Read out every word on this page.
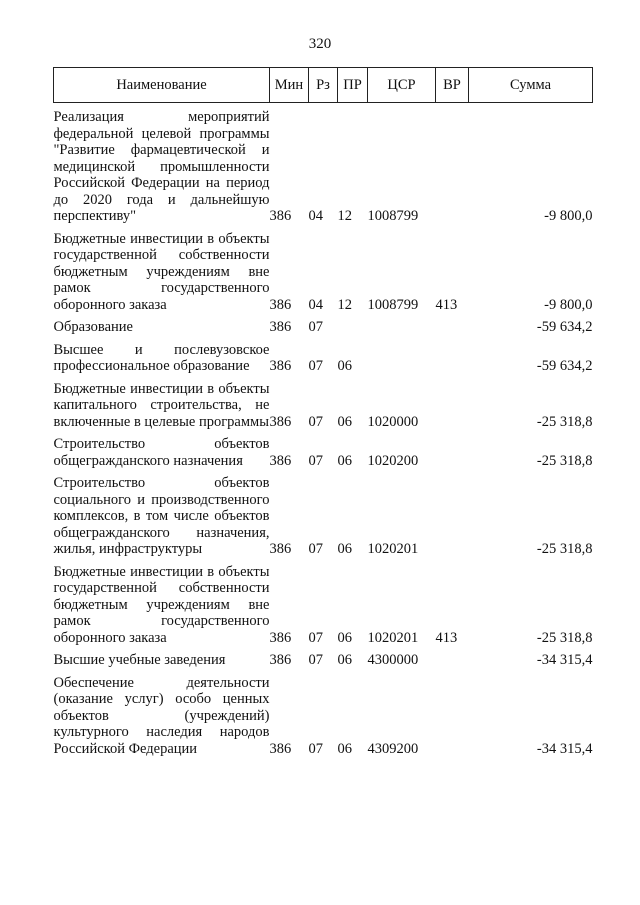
320
Наименование	Мин	Рз	ПР	ЦСР	ВР	Сумма
Реализация мероприятий федеральной целевой программы "Развитие фармацевтической и медицинской промышленности Российской Федерации на период до 2020 года и дальнейшую перспективу"	386	04	12	1008799		-9 800,0
Бюджетные инвестиции в объекты государственной собственности бюджетным учреждениям вне рамок государственного оборонного заказа	386	04	12	1008799	413	-9 800,0
Образование	386	07				-59 634,2
Высшее и послевузовское профессиональное образование	386	07	06			-59 634,2
Бюджетные инвестиции в объекты капитального строительства, не включенные в целевые программы	386	07	06	1020000		-25 318,8
Строительство объектов общегражданского назначения	386	07	06	1020200		-25 318,8
Строительство объектов социального и производственного комплексов, в том числе объектов общегражданского назначения, жилья, инфраструктуры	386	07	06	1020201		-25 318,8
Бюджетные инвестиции в объекты государственной собственности бюджетным учреждениям вне рамок государственного оборонного заказа	386	07	06	1020201	413	-25 318,8
Высшие учебные заведения	386	07	06	4300000		-34 315,4
Обеспечение деятельности (оказание услуг) особо ценных объектов (учреждений) культурного наследия народов Российской Федерации	386	07	06	4309200		-34 315,4
